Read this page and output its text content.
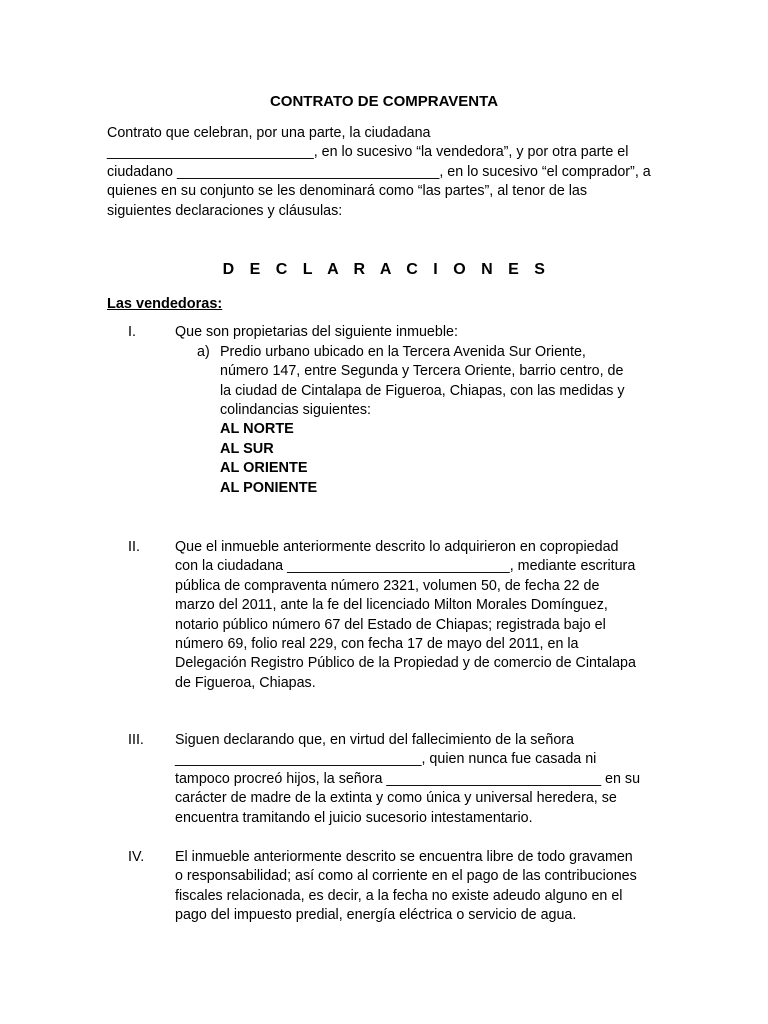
CONTRATO DE COMPRAVENTA
Contrato que celebran, por una parte, la ciudadana
__________________________, en lo sucesivo “la vendedora”, y por otra parte el
ciudadano _________________________________, en lo sucesivo “el comprador”, a
quienes en su conjunto se les denominará como “las partes”, al tenor de las
siguientes declaraciones y cláusulas:
D E C L A R A C I O N E S
Las vendedoras:
I.	Que son propietarias del siguiente inmueble:
a) Predio urbano ubicado en la Tercera Avenida Sur Oriente,
número 147, entre Segunda y Tercera Oriente, barrio centro, de
la ciudad de Cintalapa de Figueroa, Chiapas, con las medidas y
colindancias siguientes:
AL NORTE
AL SUR
AL ORIENTE
AL PONIENTE
II. Que el inmueble anteriormente descrito lo adquirieron en copropiedad
con la ciudadana ____________________________, mediante escritura
pública de compraventa número 2321, volumen 50, de fecha 22 de
marzo del 2011, ante la fe del licenciado Milton Morales Domínguez,
notario público número 67 del Estado de Chiapas; registrada bajo el
número 69, folio real 229, con fecha 17 de mayo del 2011, en la
Delegación Registro Público de la Propiedad y de comercio de Cintalapa
de Figueroa, Chiapas.
III. Siguen declarando que, en virtud del fallecimiento de la señora
_______________________________, quien nunca fue casada ni
tampoco procreó hijos, la señora ___________________________ en su
carácter de madre de la extinta y como única y universal heredera, se
encuentra tramitando el juicio sucesorio intestamentario.
IV. El inmueble anteriormente descrito se encuentra libre de todo gravamen
o responsabilidad; así como al corriente en el pago de las contribuciones
fiscales relacionada, es decir, a la fecha no existe adeudo alguno en el
pago del impuesto predial, energía eléctrica o servicio de agua.
